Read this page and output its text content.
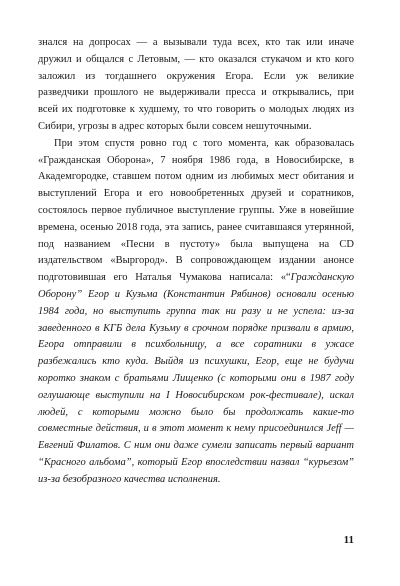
знался на допросах — а вызывали туда всех, кто так или иначе дружил и общался с Летовым, — кто оказался стукачом и кто кого заложил из тогдашнего окружения Егора. Если уж великие разведчики прошлого не выдерживали пресса и открывались, при всей их подготовке к худшему, то что говорить о молодых людях из Сибири, угрозы в адрес которых были совсем нешуточными.

При этом спустя ровно год с того момента, как образовалась «Гражданская Оборона», 7 ноября 1986 года, в Новосибирске, в Академгородке, ставшем потом одним из любимых мест обитания и выступлений Егора и его новообретенных друзей и соратников, состоялось первое публичное выступление группы. Уже в новейшие времена, осенью 2018 года, эта запись, ранее считавшаяся утерянной, под названием «Песни в пустоту» была выпущена на CD издательством «Выргород». В сопровождающем издании анонсе подготовившая его Наталья Чумакова написала: «“Гражданскую Оборону” Егор и Кузьма (Константин Рябинов) основали осенью 1984 года, но выступить группа так ни разу и не успела: из-за заведенного в КГБ дела Кузьму в срочном порядке призвали в армию, Егора отправили в психбольницу, а все соратники в ужасе разбежались кто куда. Выйдя из психушки, Егор, еще не будучи коротко знаком с братьями Лищенко (с которыми они в 1987 году оглушающе выступили на I Новосибирском рок-фестивале), искал людей, с которыми можно было бы продолжать какие-то совместные действия, и в этот момент к нему присоединился Jeff — Евгений Филатов. С ним они даже сумели записать первый вариант “Красного альбома”, который Егор впоследствии назвал “курьезом” из-за безобразного качества исполнения.

11
